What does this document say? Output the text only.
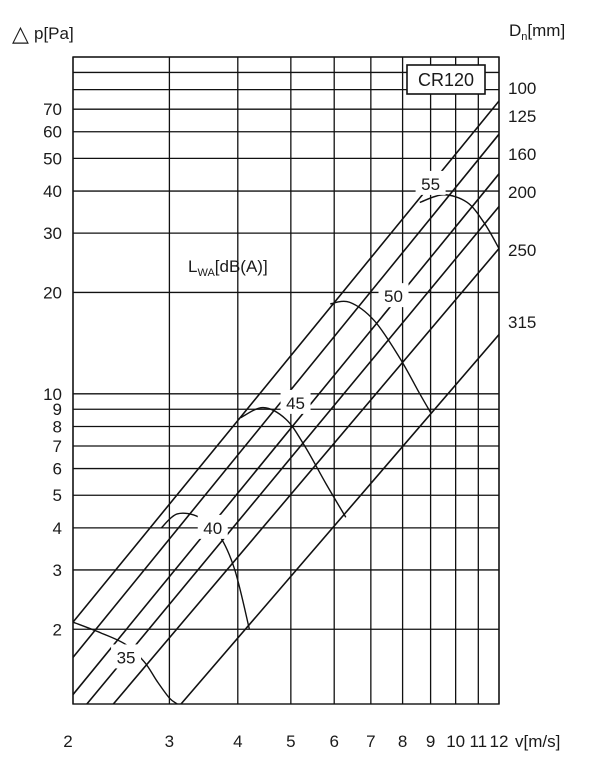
△ p[Pa]	$D_n[mm]$
v[m/s]
2
3
4
5
6
7
8
9
10
20
30
40
50
60
70
2	3	4	5 6 7 8 9 10 11 12
35
40
45
50
55
100
125
160
200
250
315
$L_{WA}[dB(A)]$
CR120
